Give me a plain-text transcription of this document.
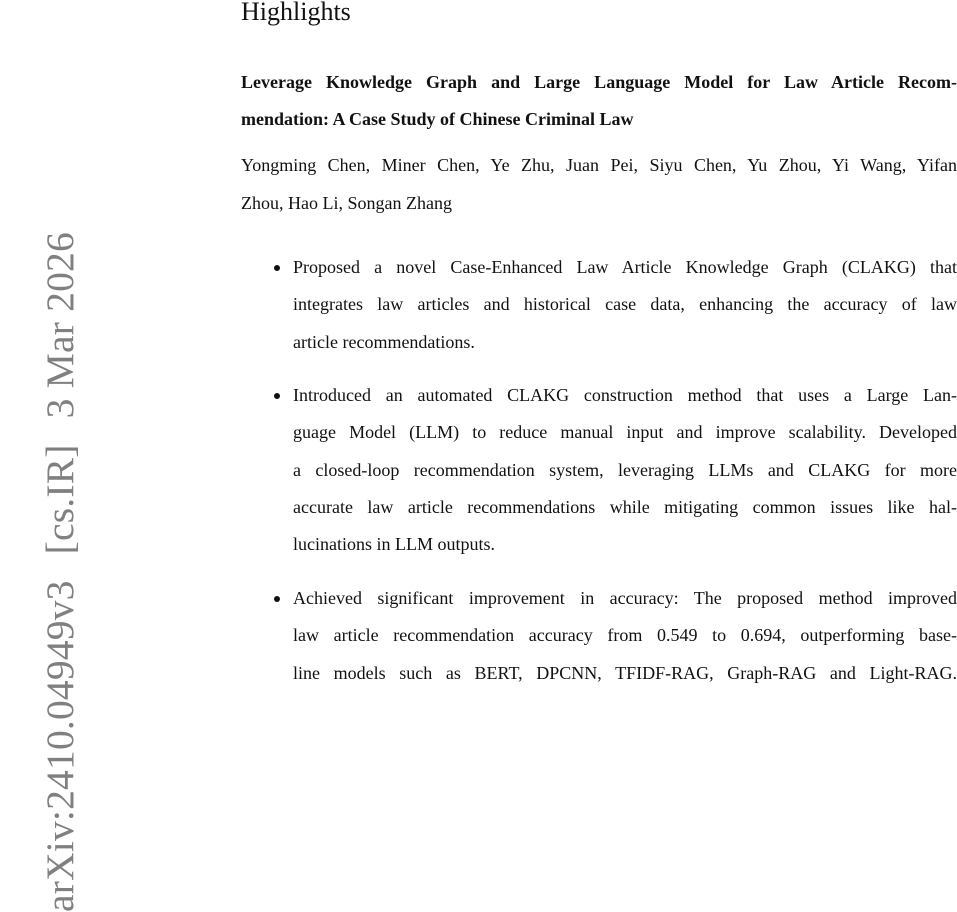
arXiv:2410.04949v3[cs.IR]3 Mar 2026
Highlights
Leverage Knowledge Graph and Large Language Model for Law Article Recom-
mendation: A Case Study of Chinese Criminal Law

Yongming Chen, Miner Chen, Ye Zhu, Juan Pei, Siyu Chen, Yu Zhou, Yi Wang, Yifan
Zhou, Hao Li, Songan Zhang

Proposed a novel Case-Enhanced Law Article Knowledge Graph (CLAKG) that
integrates law articles and historical case data, enhancing the accuracy of law
article recommendations.
Introduced an automated CLAKG construction method that uses a Large Lan-
guage Model (LLM) to reduce manual input and improve scalability. Developed
a closed-loop recommendation system, leveraging LLMs and CLAKG for more
accurate law article recommendations while mitigating common issues like hal-
lucinations in LLM outputs.
Achieved significant improvement in accuracy: The proposed method improved
law article recommendation accuracy from 0.549 to 0.694, outperforming base-
line models such as BERT, DPCNN, TFIDF-RAG, Graph-RAG and Light-RAG.
